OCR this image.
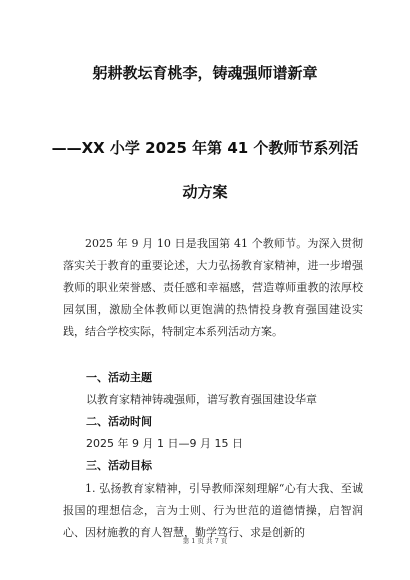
躬耕教坛育桃李，铸魂强师谱新章
——XX 小学 2025 年第 41 个教师节系列活
动方案
2025 年 9 月 10 日是我国第 41 个教师节。为深入贯彻落实关于教育的重要论述，大力弘扬教育家精神，进一步增强教师的职业荣誉感、责任感和幸福感，营造尊师重教的浓厚校园氛围，激励全体教师以更饱满的热情投身教育强国建设实践，结合学校实际，特制定本系列活动方案。
一、活动主题
以教育家精神铸魂强师，谱写教育强国建设华章
二、活动时间
2025 年 9 月 1 日—9 月 15 日
三、活动目标
1. 弘扬教育家精神，引导教师深刻理解“心有大我、至诚报国的理想信念，言为士则、行为世范的道德情操，启智润心、因材施教的育人智慧，勤学笃行、求是创新的
第 1 页 共 7 页
